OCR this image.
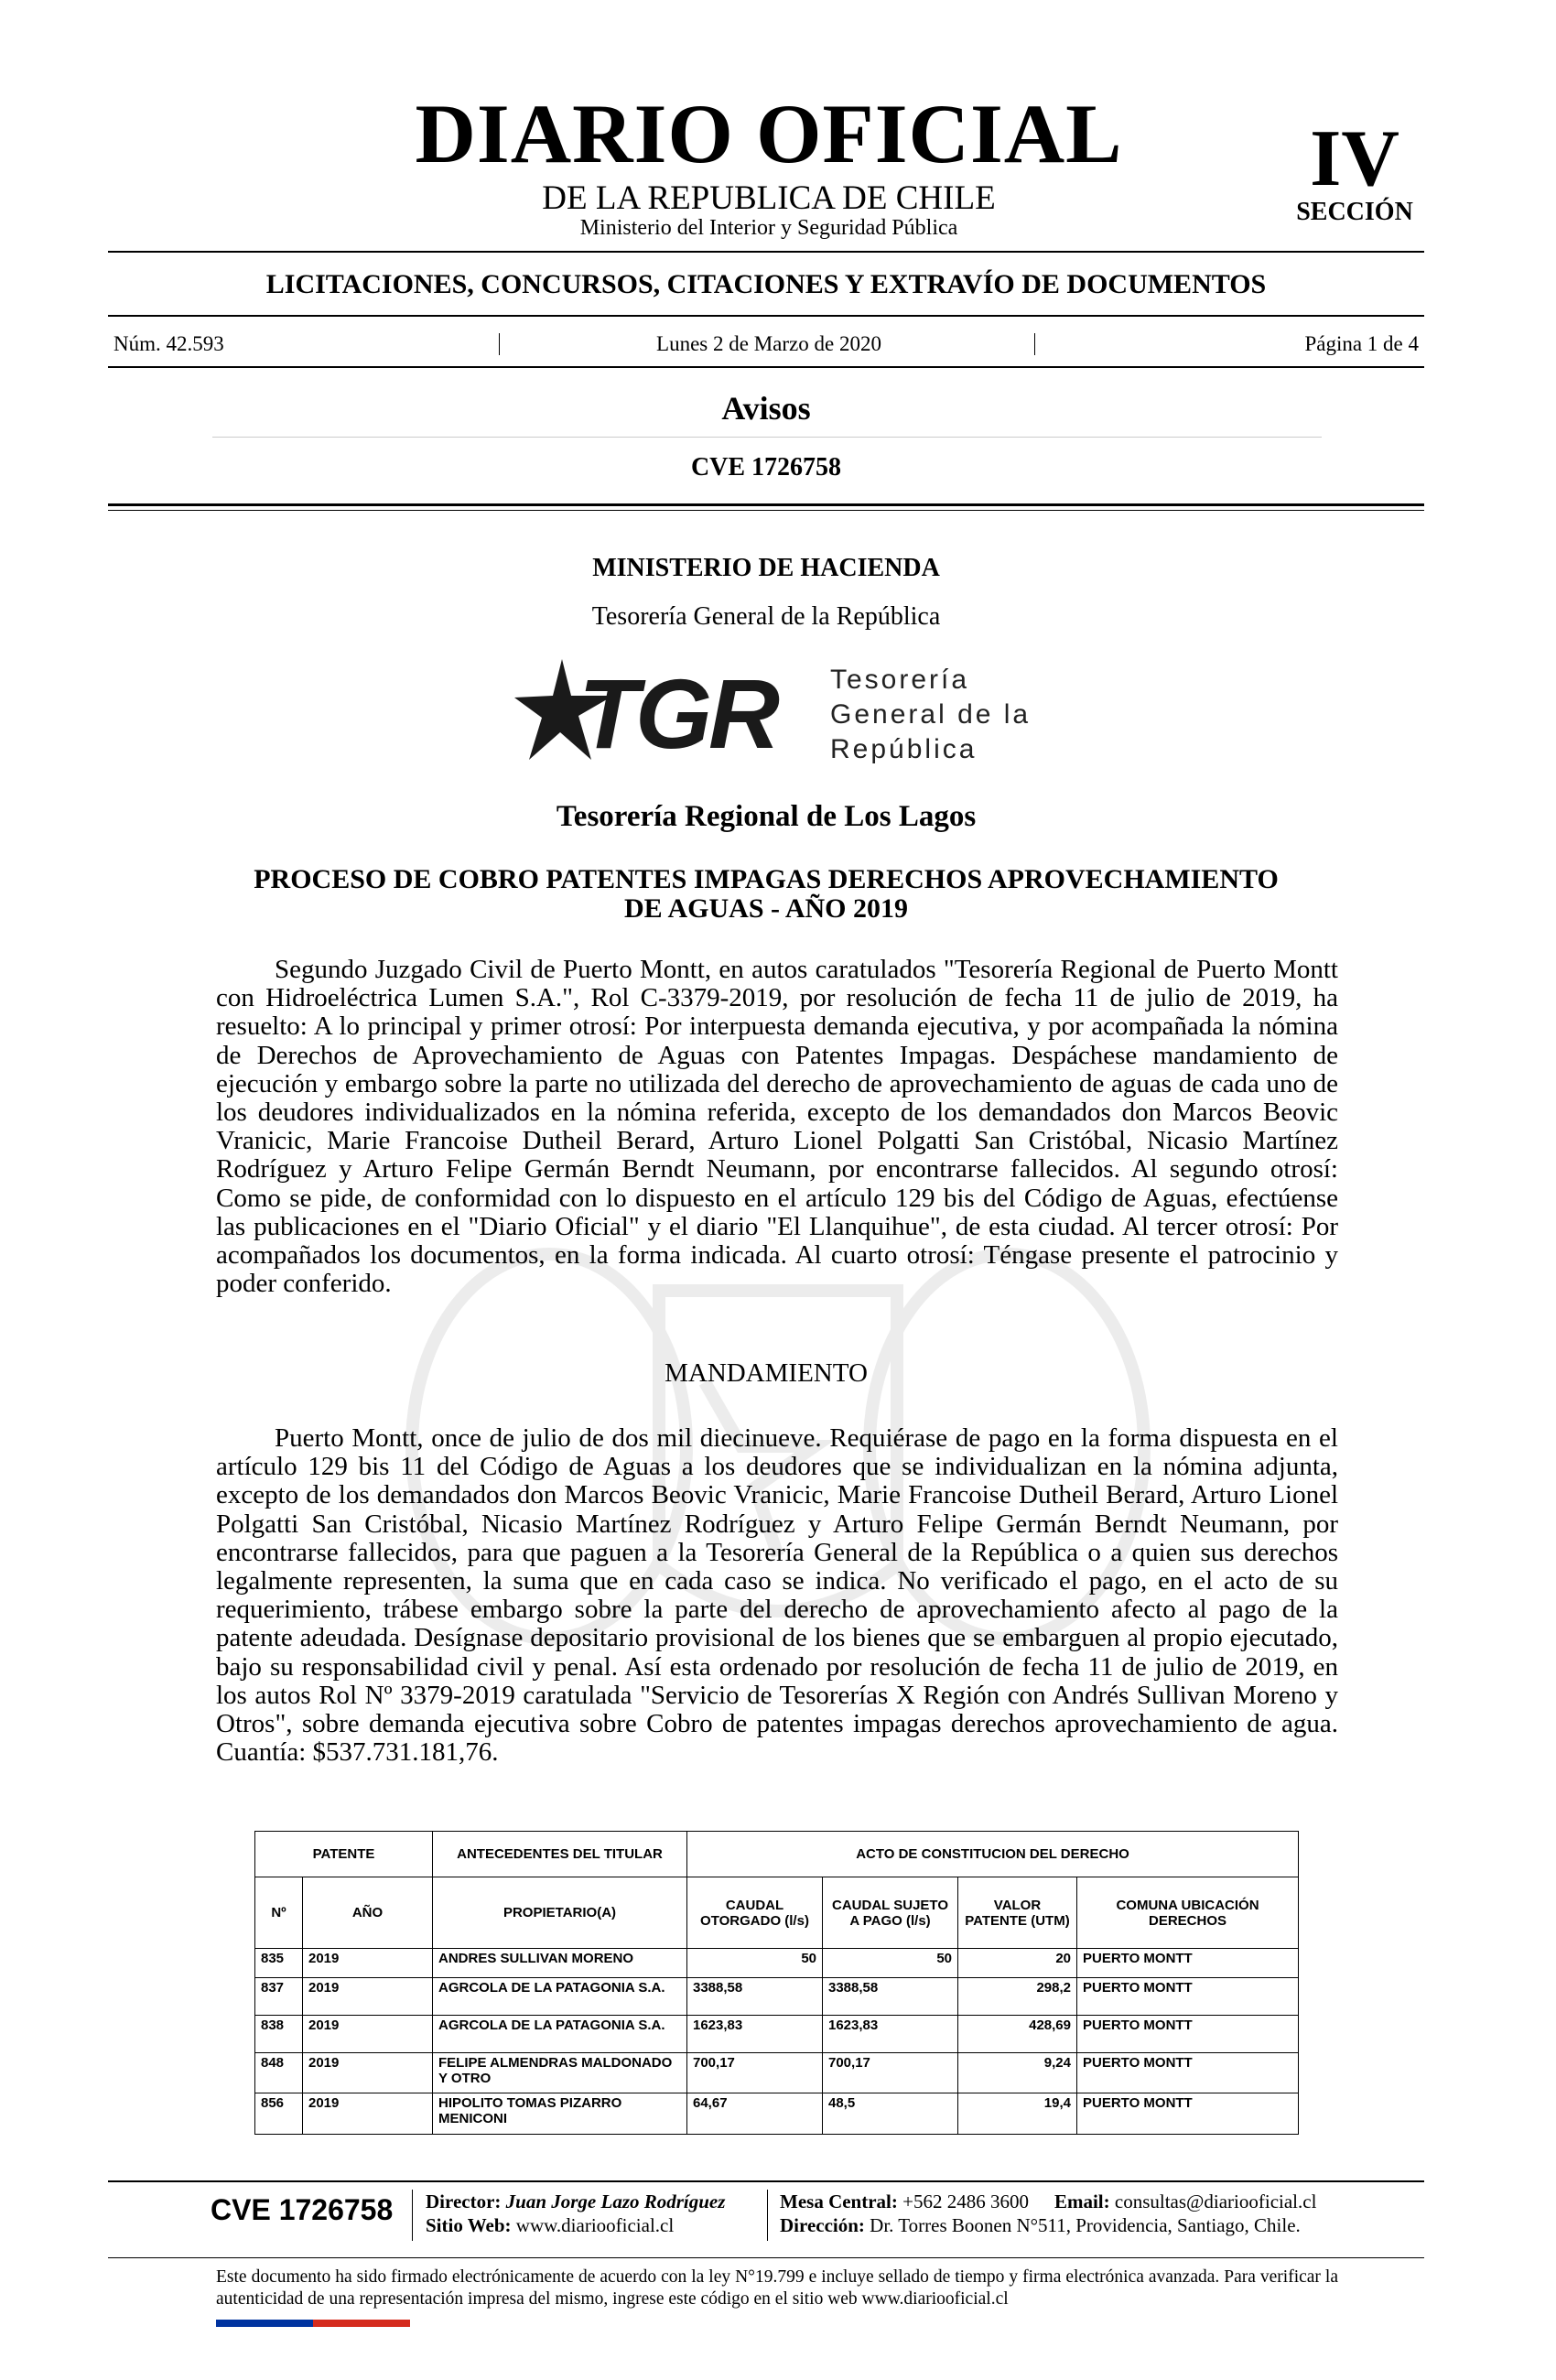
DIARIO OFICIAL
DE LA REPUBLICA DE CHILE
Ministerio del Interior y Seguridad Pública
IV
SECCIÓN
LICITACIONES, CONCURSOS, CITACIONES Y EXTRAVÍO DE DOCUMENTOS
Núm. 42.593	Lunes 2 de Marzo de 2020	Página 1 de 4
Avisos
CVE 1726758
MINISTERIO DE HACIENDA
Tesorería General de la República
TGR Tesorería
General de la
República
Tesorería Regional de Los Lagos
PROCESO DE COBRO PATENTES IMPAGAS DERECHOS APROVECHAMIENTO
DE AGUAS - AÑO 2019
Segundo Juzgado Civil de Puerto Montt, en autos caratulados "Tesorería Regional de Puerto Montt con Hidroeléctrica Lumen S.A.", Rol C-3379-2019, por resolución de fecha 11 de julio de 2019, ha resuelto: A lo principal y primer otrosí: Por interpuesta demanda ejecutiva, y por acompañada la nómina de Derechos de Aprovechamiento de Aguas con Patentes Impagas. Despáchese mandamiento de ejecución y embargo sobre la parte no utilizada del derecho de aprovechamiento de aguas de cada uno de los deudores individualizados en la nómina referida, excepto de los demandados don Marcos Beovic Vranicic, Marie Francoise Dutheil Berard, Arturo Lionel Polgatti San Cristóbal, Nicasio Martínez Rodríguez y Arturo Felipe Germán Berndt Neumann, por encontrarse fallecidos. Al segundo otrosí: Como se pide, de conformidad con lo dispuesto en el artículo 129 bis del Código de Aguas, efectúense las publicaciones en el "Diario Oficial" y el diario "El Llanquihue", de esta ciudad. Al tercer otrosí: Por acompañados los documentos, en la forma indicada. Al cuarto otrosí: Téngase presente el patrocinio y poder conferido.
MANDAMIENTO
Puerto Montt, once de julio de dos mil diecinueve. Requiérase de pago en la forma dispuesta en el artículo 129 bis 11 del Código de Aguas a los deudores que se individualizan en la nómina adjunta, excepto de los demandados don Marcos Beovic Vranicic, Marie Francoise Dutheil Berard, Arturo Lionel Polgatti San Cristóbal, Nicasio Martínez Rodríguez y Arturo Felipe Germán Berndt Neumann, por encontrarse fallecidos, para que paguen a la Tesorería General de la República o a quien sus derechos legalmente representen, la suma que en cada caso se indica. No verificado el pago, en el acto de su requerimiento, trábese embargo sobre la parte del derecho de aprovechamiento afecto al pago de la patente adeudada. Desígnase depositario provisional de los bienes que se embarguen al propio ejecutado, bajo su responsabilidad civil y penal. Así esta ordenado por resolución de fecha 11 de julio de 2019, en los autos Rol Nº 3379-2019 caratulada "Servicio de Tesorerías X Región con Andrés Sullivan Moreno y Otros", sobre demanda ejecutiva sobre Cobro de patentes impagas derechos aprovechamiento de agua. Cuantía: $537.731.181,76.
PATENTE		ANTECEDENTES DEL TITULAR	ACTO DE CONSTITUCION DEL DERECHO			
Nº	AÑO	PROPIETARIO(A)	CAUDAL OTORGADO (l/s)	CAUDAL SUJETO A PAGO (l/s)	VALOR PATENTE (UTM)	COMUNA UBICACIÓN DERECHOS
835	2019	ANDRES SULLIVAN MORENO	50	50	20	PUERTO MONTT
837	2019	AGRCOLA DE LA PATAGONIA S.A.	3388,58	3388,58	298,2	PUERTO MONTT
838	2019	AGRCOLA DE LA PATAGONIA S.A.	1623,83	1623,83	428,69	PUERTO MONTT
848	2019	FELIPE ALMENDRAS MALDONADO Y OTRO	700,17	700,17	9,24	PUERTO MONTT
856	2019	HIPOLITO TOMAS PIZARRO MENICONI	64,67	48,5	19,4	PUERTO MONTT
CVE 1726758 Director: Juan Jorge Lazo Rodríguez
Sitio Web: www.diariooficial.cl
Mesa Central: +562 2486 3600 Email: consultas@diariooficial.cl
Dirección: Dr. Torres Boonen N°511, Providencia, Santiago, Chile.
Este documento ha sido firmado electrónicamente de acuerdo con la ley N°19.799 e incluye sellado de tiempo y firma electrónica avanzada. Para verificar la autenticidad de una representación impresa del mismo, ingrese este código en el sitio web www.diariooficial.cl
